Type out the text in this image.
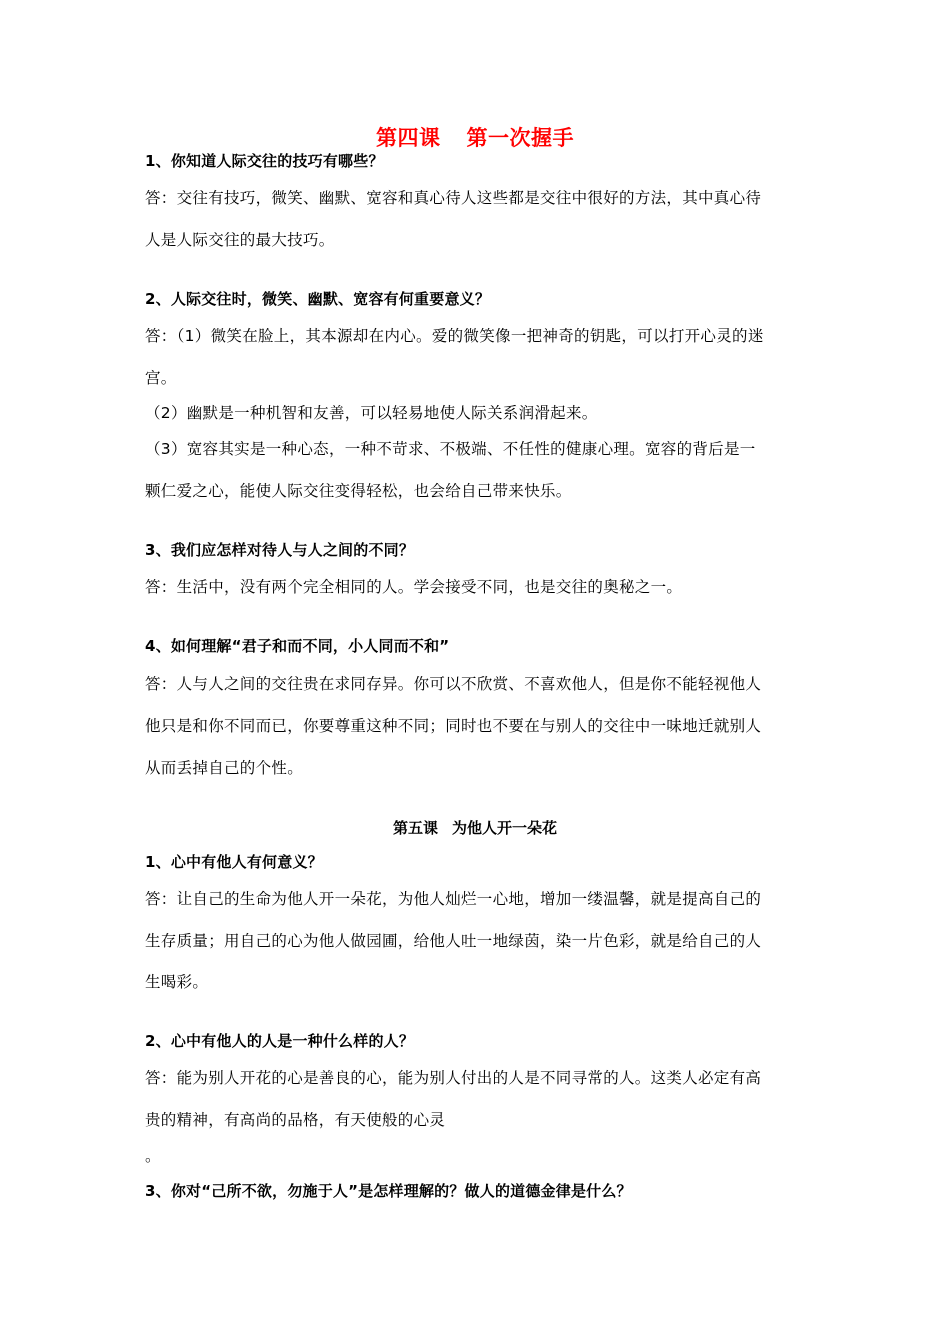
第四课 第一次握手
1、你知道人际交往的技巧有哪些？
答：交往有技巧，微笑、幽默、宽容和真心待人这些都是交往中很好的方法，其中真心待
人是人际交往的最大技巧。
2、人际交往时，微笑、幽默、宽容有何重要意义？
答：（1）微笑在脸上，其本源却在内心。爱的微笑像一把神奇的钥匙，可以打开心灵的迷
宫。
（2）幽默是一种机智和友善，可以轻易地使人际关系润滑起来。
（3）宽容其实是一种心态，一种不苛求、不极端、不任性的健康心理。宽容的背后是一
颗仁爱之心，能使人际交往变得轻松，也会给自己带来快乐。
3、我们应怎样对待人与人之间的不同？
答：生活中，没有两个完全相同的人。学会接受不同，也是交往的奥秘之一。
4、如何理解“君子和而不同，小人同而不和”
答：人与人之间的交往贵在求同存异。你可以不欣赏、不喜欢他人，但是你不能轻视他人
他只是和你不同而已，你要尊重这种不同；同时也不要在与别人的交往中一味地迁就别人
从而丢掉自己的个性。
第五课 为他人开一朵花
1、心中有他人有何意义？
答：让自己的生命为他人开一朵花，为他人灿烂一心地，增加一缕温馨，就是提高自己的
生存质量；用自己的心为他人做园圃，给他人吐一地绿茵，染一片色彩，就是给自己的人
生喝彩。
2、心中有他人的人是一种什么样的人？
答：能为别人开花的心是善良的心，能为别人付出的人是不同寻常的人。这类人必定有高
贵的精神，有高尚的品格，有天使般的心灵
。
3、你对“己所不欲，勿施于人”是怎样理解的？做人的道德金律是什么？
